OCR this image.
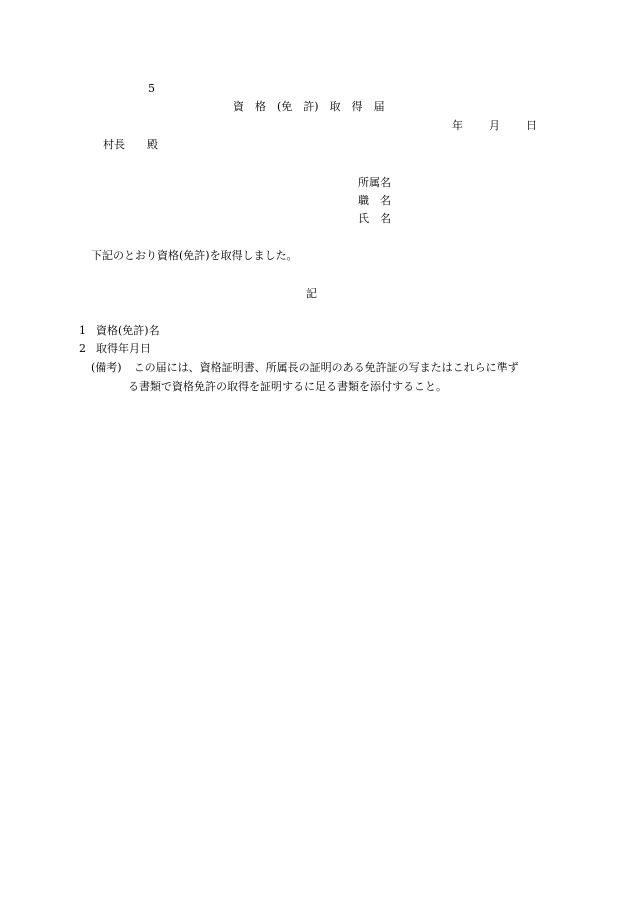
5
資　格　(免　許)　取　得　届
年 月 日
村長 殿
所属名
職　名
氏　名
下記のとおり資格(免許)を取得しました。
記
1 資格(免許)名
2 取得年月日
(備考) この届には、資格証明書、所属長の証明のある免許証の写またはこれらに準ず
る書類で資格免許の取得を証明するに足る書類を添付すること。
